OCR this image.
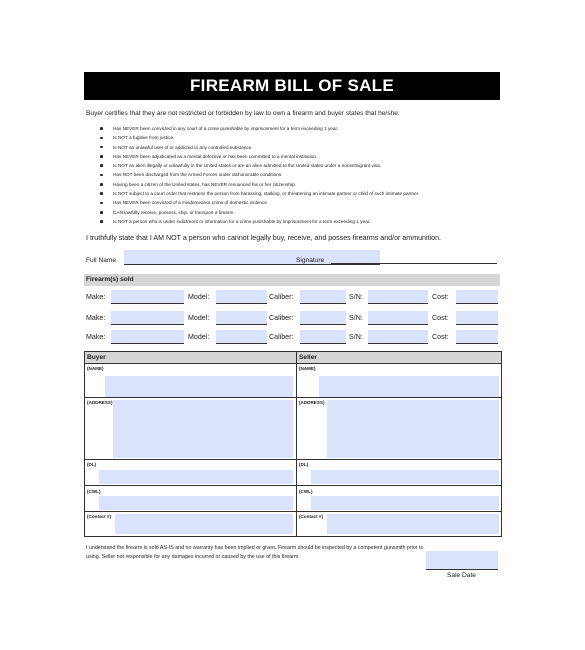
FIREARM BILL OF SALE
Buyer certifies that they are not restricted or forbidden by law to own a firearm and buyer states that he/she:
Has NEVER been convicted in any court of a crime punishable by imprisonment for a term exceeding 1 year.
Is NOT a fugitive from justice.
Is NOT an unlawful user of or addicted to any controlled substance.
Has NEVER been adjudicated as a mental defective or has been committed to a mental institution.
Is NOT an alien illegally or unlawfully in the United states or are an alien admitted to the United states under a nonimmigrant visa.
Has NOT been discharged from the Armed Forces under dishonorable conditions.
Having been a citizen of the United states, has NEVER renounced his or her citizenship.
Is NOT subject to a court order that restrains the person from harassing, stalking, or threatening an intimate partner or child of such intimate partner.
Has NEVER been convicted of a misdemeanor crime of domestic violence
CAN lawfully receive, possess, ship, or transport a firearm.
Is NOT a person who is under indictment or information for a crime punishable by imprisonment for a term exceeding 1 year.
I truthfully state that I AM NOT a person who cannot legally buy, receive, and posses firearms and/or ammunition.
Full Name	Signature
Firearm(s) sold
Make:	Model:	Caliber:	S/N:	Cost:
Make:	Model:	Caliber:	S/N:	Cost:
Make:	Model:	Caliber:	S/N:	Cost:
Buyer	Seller
(NAME)	(NAME)
(ADDRESS)	(ADDRESS)
(DL)	(DL)
(CWL)	(CWL)
(Contact #)	(Contact #)
I understand the firearm is sold AS-IS and no warranty has been implied or given. Firearm should be inspected by a competent gunsmith prior to using. Seller not responsible for any damages incurred or caused by the use of this firearm.
Sale Date
